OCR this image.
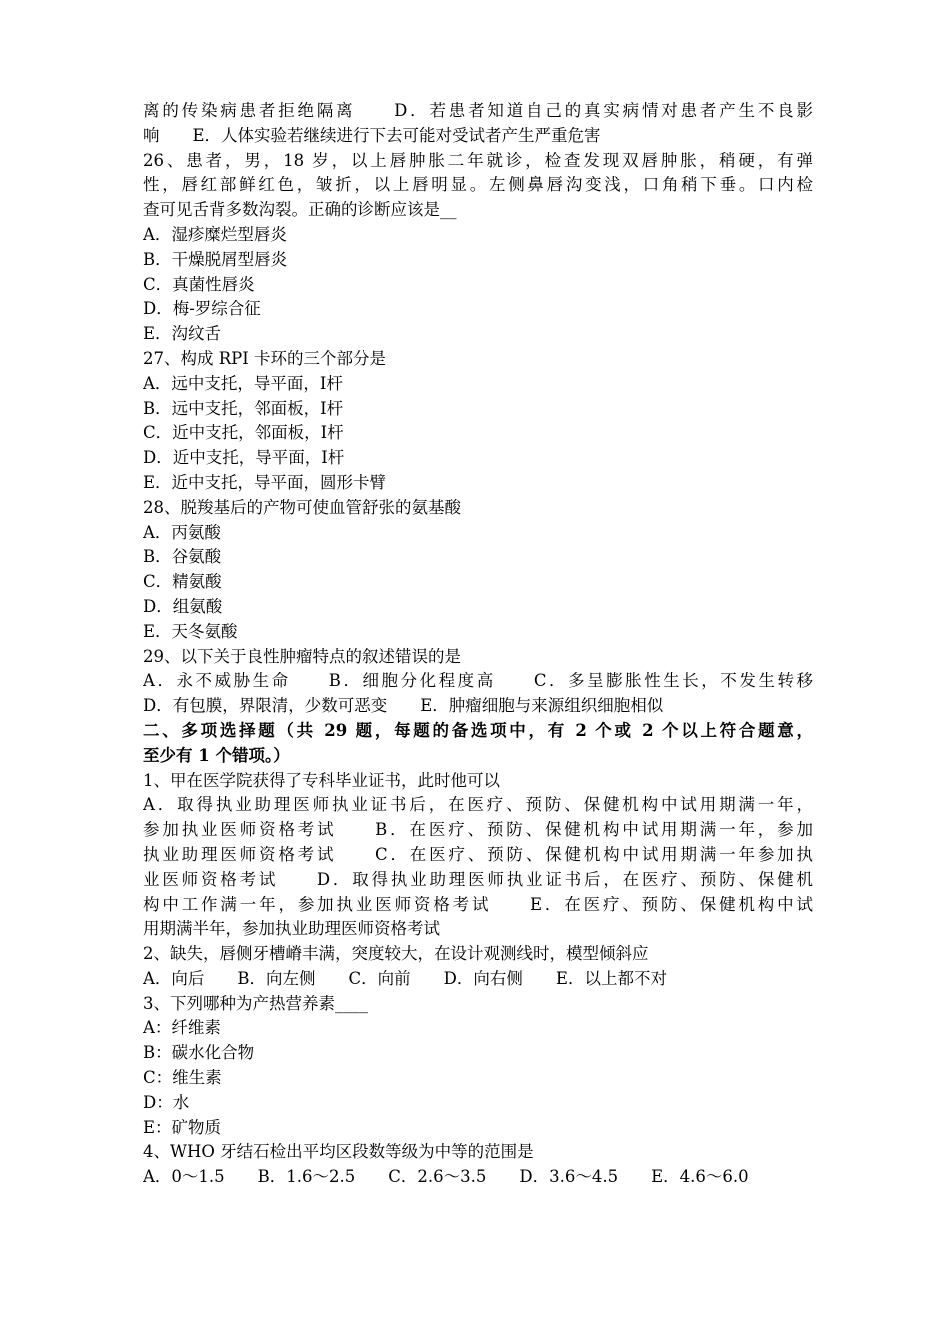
离的传染病患者拒绝隔离　　D．若患者知道自己的真实病情对患者产生不良影
响　　E．人体实验若继续进行下去可能对受试者产生严重危害
26、患者，男，18 岁，以上唇肿胀二年就诊，检查发现双唇肿胀，稍硬，有弹
性，唇红部鲜红色，皱折，以上唇明显。左侧鼻唇沟变浅，口角稍下垂。口内检
查可见舌背多数沟裂。正确的诊断应该是__
A．湿疹糜烂型唇炎
B．干燥脱屑型唇炎
C．真菌性唇炎
D．梅-罗综合征
E．沟纹舌
27、构成 RPI 卡环的三个部分是
A．远中支托，导平面，Ⅰ杆
B．远中支托，邻面板，Ⅰ杆
C．近中支托，邻面板，Ⅰ杆
D．近中支托，导平面，Ⅰ杆
E．近中支托，导平面，圆形卡臂
28、脱羧基后的产物可使血管舒张的氨基酸
A．丙氨酸
B．谷氨酸
C．精氨酸
D．组氨酸
E．天冬氨酸
29、以下关于良性肿瘤特点的叙述错误的是
A．永不威胁生命　　B．细胞分化程度高　　C．多呈膨胀性生长，不发生转移
D．有包膜，界限清，少数可恶变　　E．肿瘤细胞与来源组织细胞相似
二、多项选择题（共 29 题，每题的备选项中，有 2 个或 2 个以上符合题意，
至少有 1 个错项。）
1、甲在医学院获得了专科毕业证书，此时他可以
A．取得执业助理医师执业证书后，在医疗、预防、保健机构中试用期满一年，
参加执业医师资格考试　　B．在医疗、预防、保健机构中试用期满一年，参加
执业助理医师资格考试　　C．在医疗、预防、保健机构中试用期满一年参加执
业医师资格考试　　D．取得执业助理医师执业证书后，在医疗、预防、保健机
构中工作满一年，参加执业医师资格考试　　E．在医疗、预防、保健机构中试
用期满半年，参加执业助理医师资格考试
2、缺失，唇侧牙槽嵴丰满，突度较大，在设计观测线时，模型倾斜应
A．向后　　B．向左侧　　C．向前　　D．向右侧　　E．以上都不对
3、下列哪种为产热营养素____
A：纤维素
B：碳水化合物
C：维生素
D：水
E：矿物质
4、WHO 牙结石检出平均区段数等级为中等的范围是
A．0～1.5　　B．1.6～2.5　　C．2.6～3.5　　D．3.6～4.5　　E．4.6～6.0
